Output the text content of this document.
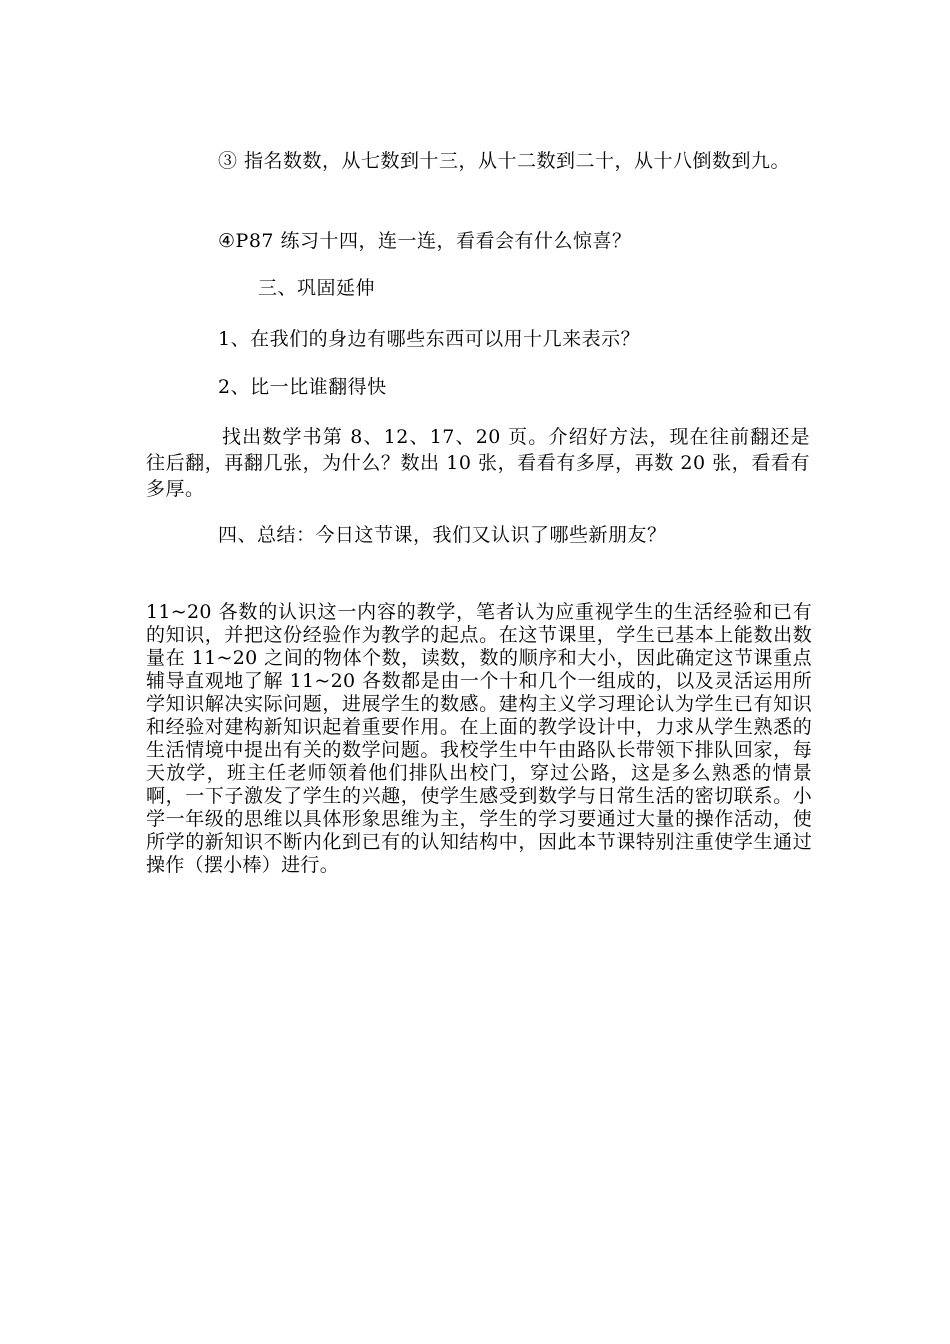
③ 指名数数，从七数到十三，从十二数到二十，从十八倒数到九。

④P87 练习十四，连一连，看看会有什么惊喜？

三、巩固延伸

1、在我们的身边有哪些东西可以用十几来表示？

2、比一比谁翻得快

找出数学书第 8、12、17、20 页。介绍好方法，现在往前翻还是往后翻，再翻几张，为什么？数出 10 张，看看有多厚，再数 20 张，看看有多厚。

四、总结：今日这节课，我们又认识了哪些新朋友？

11~20 各数的认识这一内容的教学，笔者认为应重视学生的生活经验和已有的知识，并把这份经验作为教学的起点。在这节课里，学生已基本上能数出数量在 11~20 之间的物体个数，读数，数的顺序和大小，因此确定这节课重点辅导直观地了解 11~20 各数都是由一个十和几个一组成的，以及灵活运用所学知识解决实际问题，进展学生的数感。建构主义学习理论认为学生已有知识和经验对建构新知识起着重要作用。在上面的教学设计中，力求从学生熟悉的生活情境中提出有关的数学问题。我校学生中午由路队长带领下排队回家，每天放学，班主任老师领着他们排队出校门，穿过公路，这是多么熟悉的情景啊，一下子激发了学生的兴趣，使学生感受到数学与日常生活的密切联系。小学一年级的思维以具体形象思维为主，学生的学习要通过大量的操作活动，使所学的新知识不断内化到已有的认知结构中，因此本节课特别注重使学生通过操作（摆小棒）进行。
